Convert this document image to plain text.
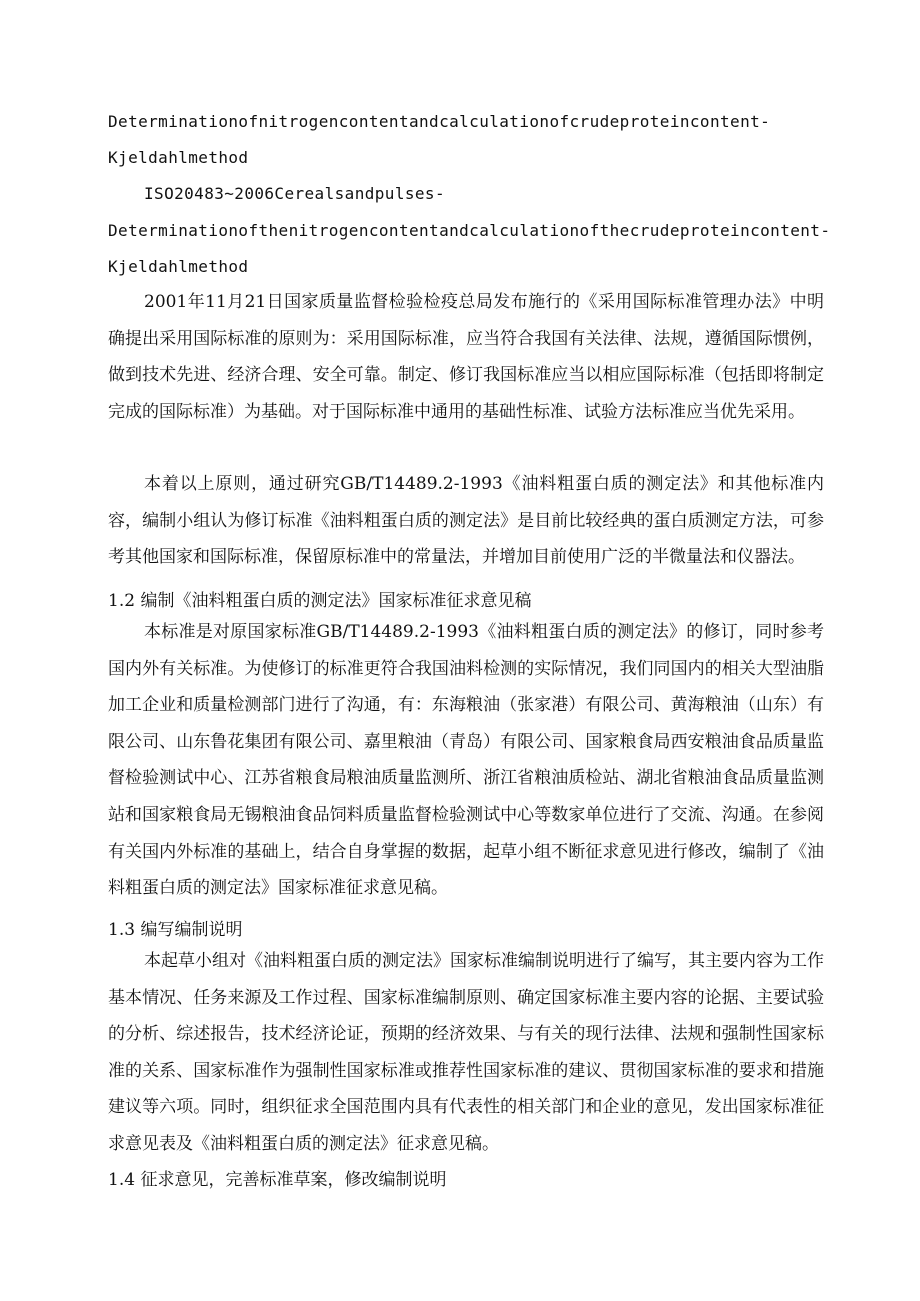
Determinationofnitrogencontentandcalculationofcrudeproteincontent-
Kjeldahlmethod
ISO20483~2006Cerealsandpulses-
Determinationofthenitrogencontentandcalculationofthecrudeproteincontent-
Kjeldahlmethod
2001年11月21日国家质量监督检验检疫总局发布施行的《采用国际标准管理办法》中明确提出采用国际标准的原则为：采用国际标准，应当符合我国有关法律、法规，遵循国际惯例，做到技术先进、经济合理、安全可靠。制定、修订我国标准应当以相应国际标准（包括即将制定完成的国际标准）为基础。对于国际标准中通用的基础性标准、试验方法标准应当优先采用。
本着以上原则，通过研究GB/T14489.2-1993《油料粗蛋白质的测定法》和其他标准内容，编制小组认为修订标准《油料粗蛋白质的测定法》是目前比较经典的蛋白质测定方法，可参考其他国家和国际标准，保留原标准中的常量法，并增加目前使用广泛的半微量法和仪器法。
1.2 编制《油料粗蛋白质的测定法》国家标准征求意见稿
本标准是对原国家标准GB/T14489.2-1993《油料粗蛋白质的测定法》的修订，同时参考国内外有关标准。为使修订的标准更符合我国油料检测的实际情况，我们同国内的相关大型油脂加工企业和质量检测部门进行了沟通，有：东海粮油（张家港）有限公司、黄海粮油（山东）有限公司、山东鲁花集团有限公司、嘉里粮油（青岛）有限公司、国家粮食局西安粮油食品质量监督检验测试中心、江苏省粮食局粮油质量监测所、浙江省粮油质检站、湖北省粮油食品质量监测站和国家粮食局无锡粮油食品饲料质量监督检验测试中心等数家单位进行了交流、沟通。在参阅有关国内外标准的基础上，结合自身掌握的数据，起草小组不断征求意见进行修改，编制了《油料粗蛋白质的测定法》国家标准征求意见稿。
1.3 编写编制说明
本起草小组对《油料粗蛋白质的测定法》国家标准编制说明进行了编写，其主要内容为工作基本情况、任务来源及工作过程、国家标准编制原则、确定国家标准主要内容的论据、主要试验的分析、综述报告，技术经济论证，预期的经济效果、与有关的现行法律、法规和强制性国家标准的关系、国家标准作为强制性国家标准或推荐性国家标准的建议、贯彻国家标准的要求和措施建议等六项。同时，组织征求全国范围内具有代表性的相关部门和企业的意见，发出国家标准征求意见表及《油料粗蛋白质的测定法》征求意见稿。
1.4 征求意见，完善标准草案，修改编制说明
